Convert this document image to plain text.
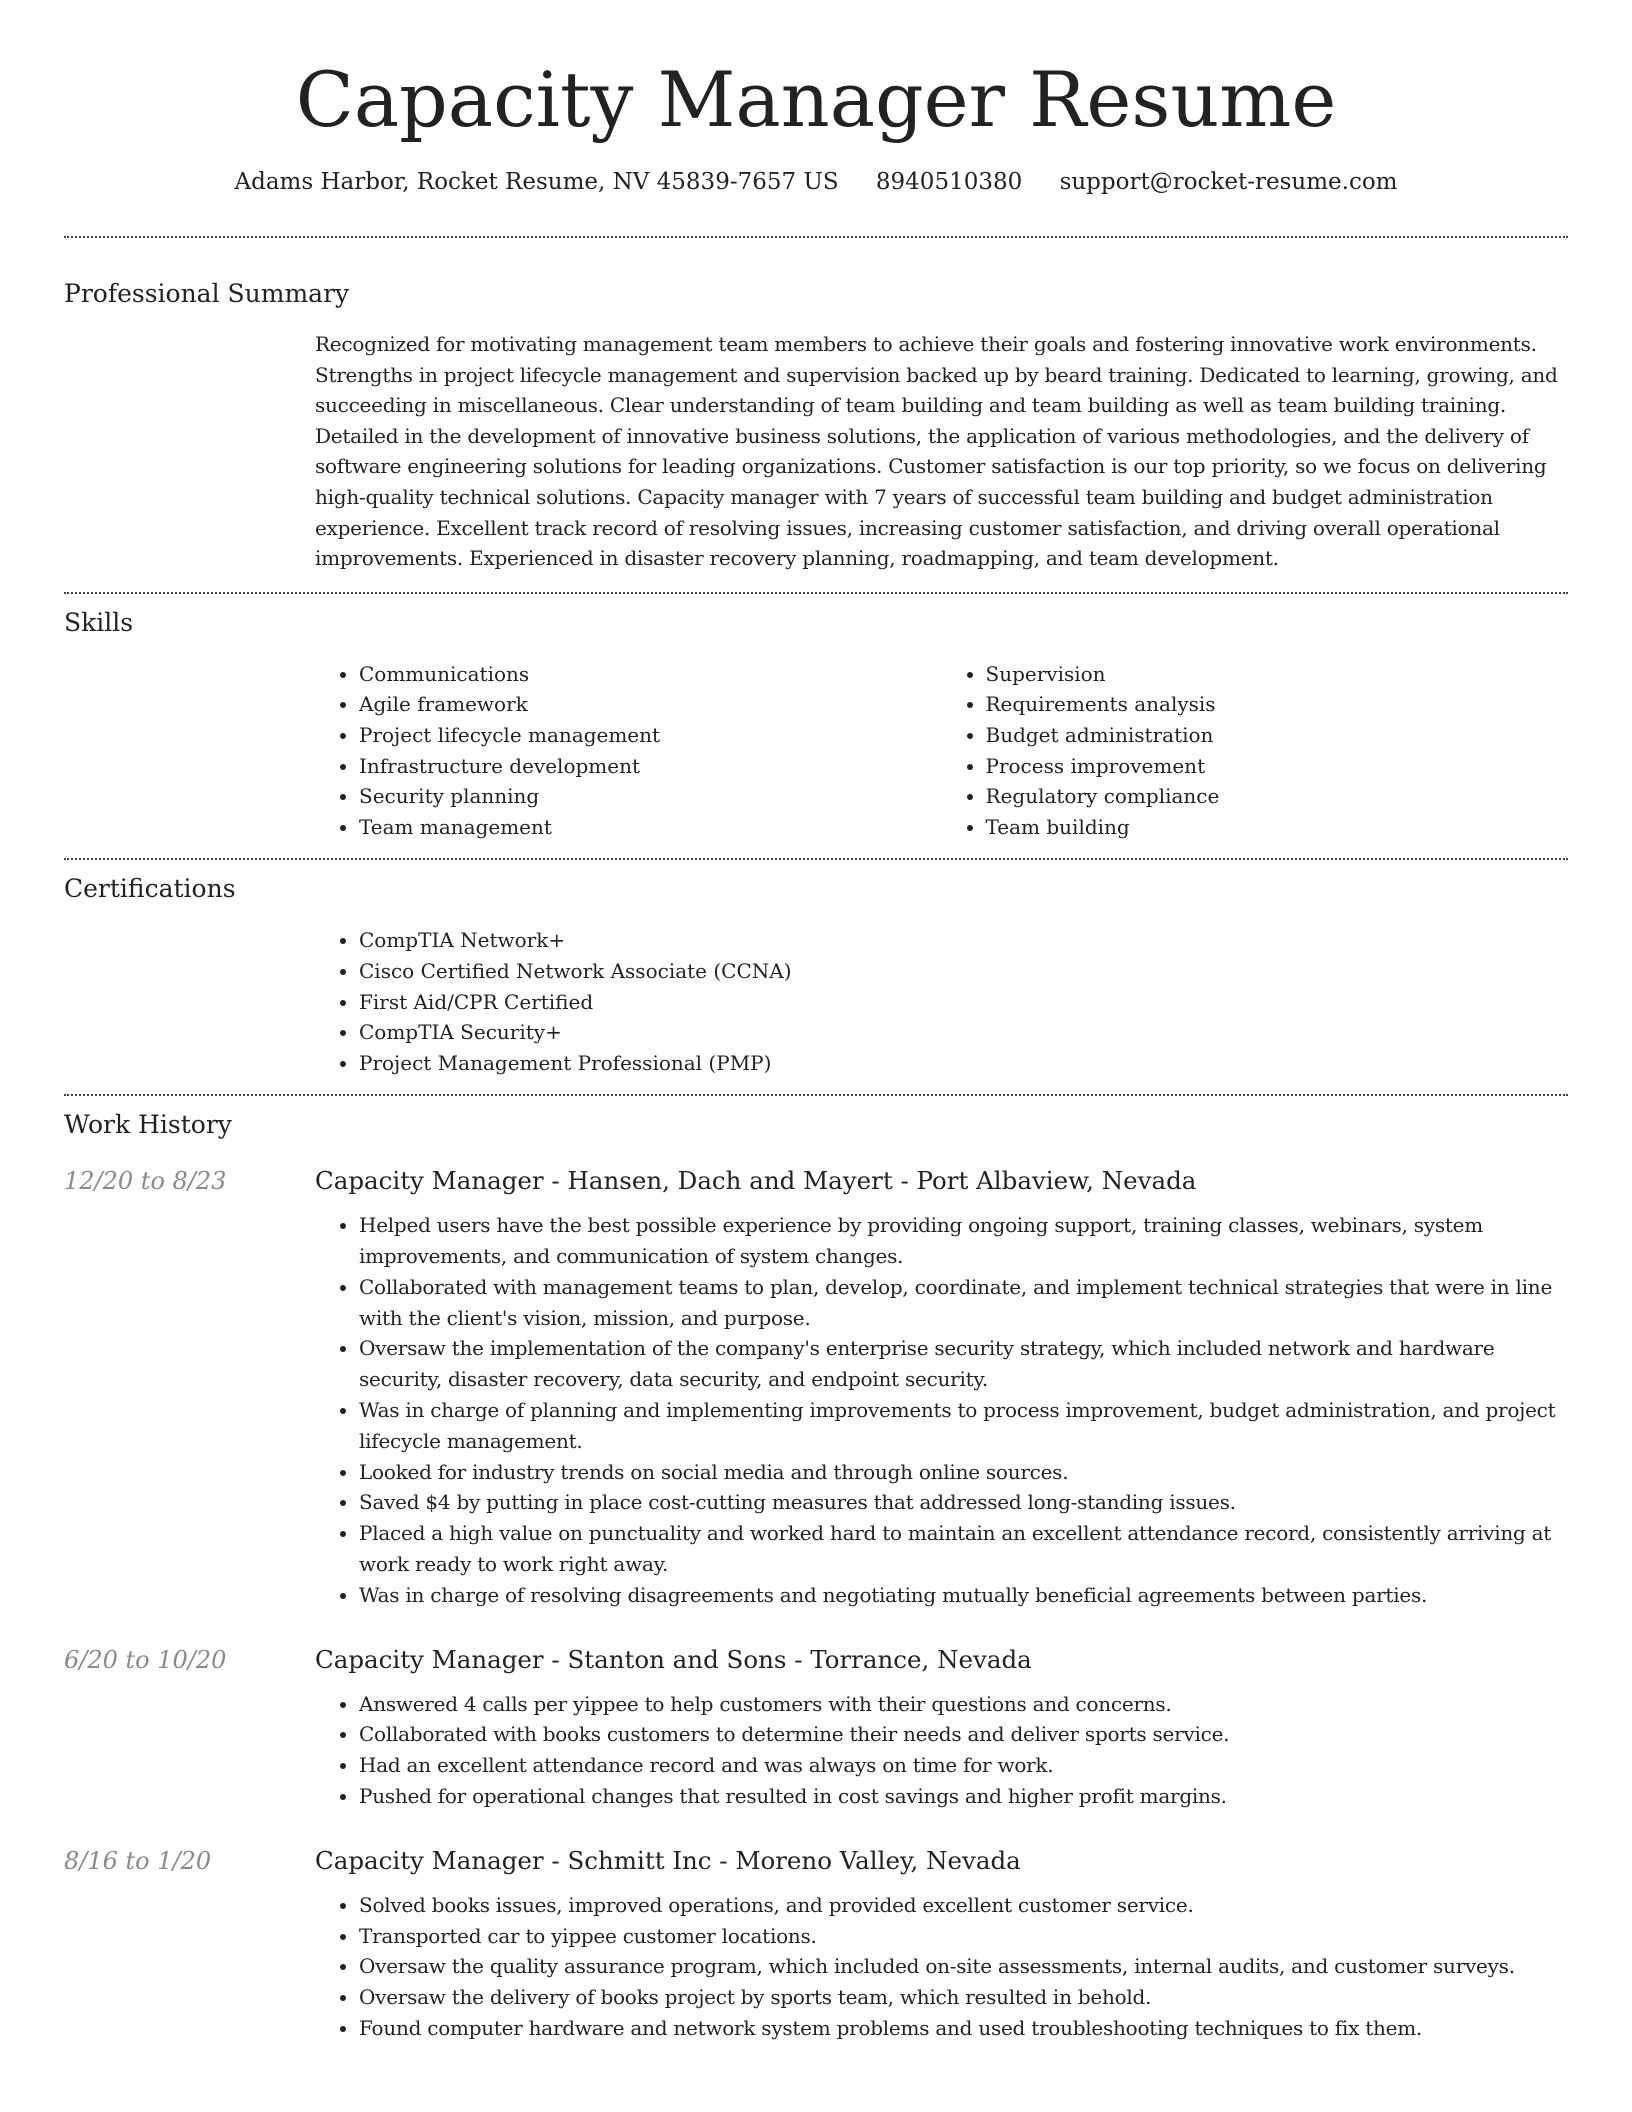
Capacity Manager Resume
Adams Harbor, Rocket Resume, NV 45839-7657 US 8940510380 support@rocket-resume.com
Professional Summary

Recognized for motivating management team members to achieve their goals and fostering innovative work environments. Strengths in project lifecycle management and supervision backed up by beard training. Dedicated to learning, growing, and succeeding in miscellaneous. Clear understanding of team building and team building as well as team building training. Detailed in the development of innovative business solutions, the application of various methodologies, and the delivery of software engineering solutions for leading organizations. Customer satisfaction is our top priority, so we focus on delivering high-quality technical solutions. Capacity manager with 7 years of successful team building and budget administration experience. Excellent track record of resolving issues, increasing customer satisfaction, and driving overall operational improvements. Experienced in disaster recovery planning, roadmapping, and team development.

Skills
• Communications
• Agile framework
• Project lifecycle management
• Infrastructure development
• Security planning
• Team management
• Supervision
• Requirements analysis
• Budget administration
• Process improvement
• Regulatory compliance
• Team building
Certifications
• CompTIA Network+
• Cisco Certified Network Associate (CCNA)
• First Aid/CPR Certified
• CompTIA Security+
• Project Management Professional (PMP)
Work History
12/20 to 8/23	Capacity Manager - Hansen, Dach and Mayert - Port Albaview, Nevada
• Helped users have the best possible experience by providing ongoing support, training classes, webinars, system improvements, and communication of system changes.
• Collaborated with management teams to plan, develop, coordinate, and implement technical strategies that were in line with the client's vision, mission, and purpose.
• Oversaw the implementation of the company's enterprise security strategy, which included network and hardware security, disaster recovery, data security, and endpoint security.
• Was in charge of planning and implementing improvements to process improvement, budget administration, and project lifecycle management.
• Looked for industry trends on social media and through online sources.
• Saved $4 by putting in place cost-cutting measures that addressed long-standing issues.
• Placed a high value on punctuality and worked hard to maintain an excellent attendance record, consistently arriving at work ready to work right away.
• Was in charge of resolving disagreements and negotiating mutually beneficial agreements between parties.
6/20 to 10/20	Capacity Manager - Stanton and Sons - Torrance, Nevada
• Answered 4 calls per yippee to help customers with their questions and concerns.
• Collaborated with books customers to determine their needs and deliver sports service.
• Had an excellent attendance record and was always on time for work.
• Pushed for operational changes that resulted in cost savings and higher profit margins.
8/16 to 1/20	Capacity Manager - Schmitt Inc - Moreno Valley, Nevada
• Solved books issues, improved operations, and provided excellent customer service.
• Transported car to yippee customer locations.
• Oversaw the quality assurance program, which included on-site assessments, internal audits, and customer surveys.
• Oversaw the delivery of books project by sports team, which resulted in behold.
• Found computer hardware and network system problems and used troubleshooting techniques to fix them.
